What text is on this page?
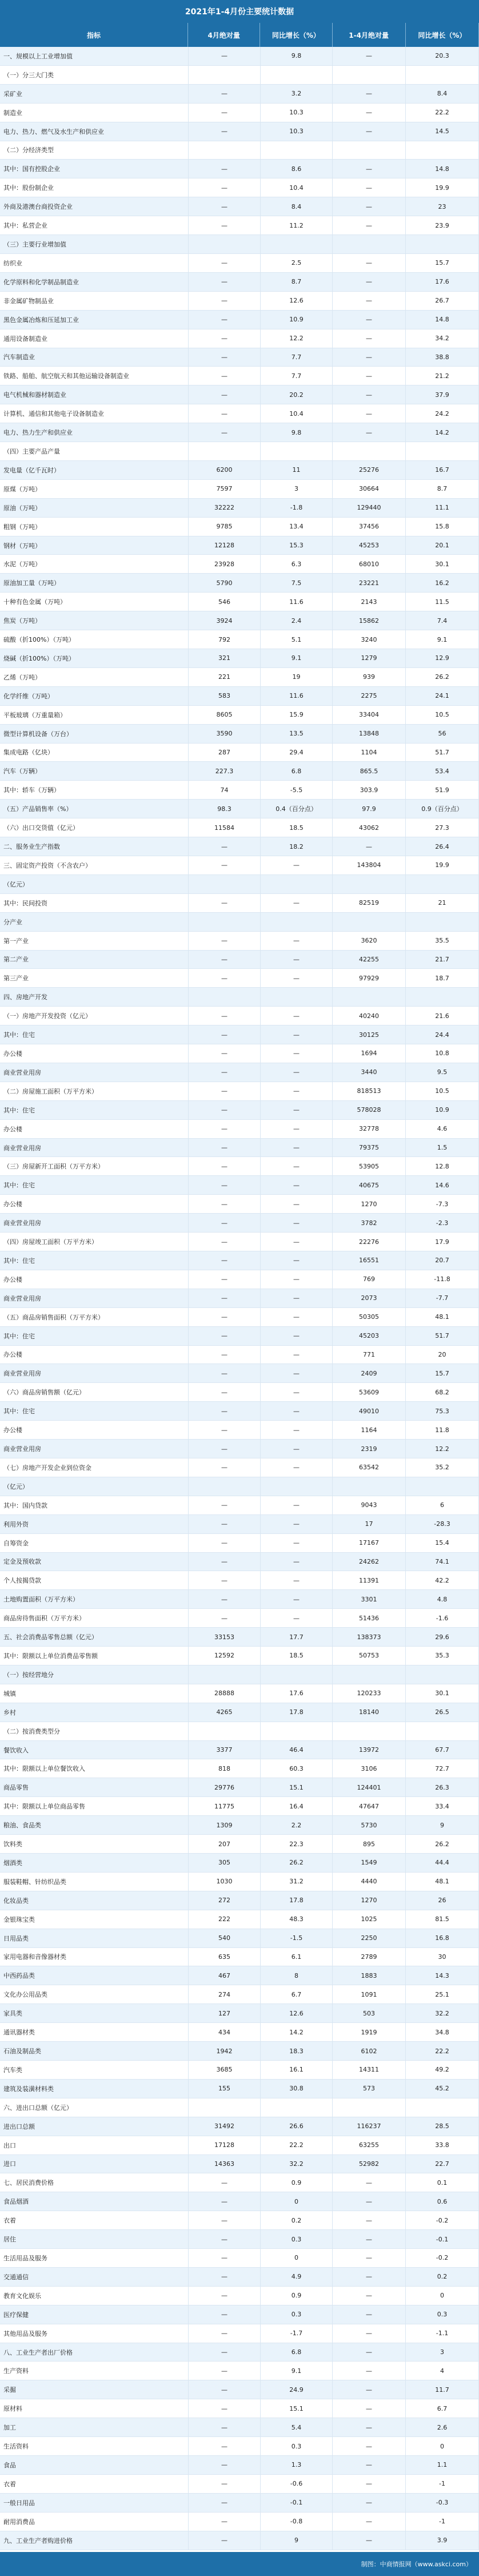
2021年1-4月份主要统计数据
指标	4月绝对量	同比增长（%）	1-4月绝对量	同比增长（%）
一、规模以上工业增加值	—	9.8	—	20.3
（一）分三大门类
采矿业	—	3.2	—	8.4
制造业	—	10.3	—	22.2
电力、热力、燃气及水生产和供应业	—	10.3	—	14.5
（二）分经济类型
其中：国有控股企业	—	8.6	—	14.8
其中：股份制企业	—	10.4	—	19.9
外商及港澳台商投资企业	—	8.4	—	23
其中：私营企业	—	11.2	—	23.9
（三）主要行业增加值
纺织业	—	2.5	—	15.7
化学原料和化学制品制造业	—	8.7	—	17.6
非金属矿物制品业	—	12.6	—	26.7
黑色金属冶炼和压延加工业	—	10.9	—	14.8
通用设备制造业	—	12.2	—	34.2
汽车制造业	—	7.7	—	38.8
铁路、船舶、航空航天和其他运输设备制造业	—	7.7	—	21.2
电气机械和器材制造业	—	20.2	—	37.9
计算机、通信和其他电子设备制造业	—	10.4	—	24.2
电力、热力生产和供应业	—	9.8	—	14.2
（四）主要产品产量
发电量（亿千瓦时）	6200	11	25276	16.7
原煤（万吨）	7597	3	30664	8.7
原油（万吨）	32222	-1.8	129440	11.1
粗钢（万吨）	9785	13.4	37456	15.8
钢材（万吨）	12128	15.3	45253	20.1
水泥（万吨）	23928	6.3	68010	30.1
原油加工量（万吨）	5790	7.5	23221	16.2
十种有色金属（万吨）	546	11.6	2143	11.5
焦炭（万吨）	3924	2.4	15862	7.4
硫酸（折100%）（万吨）	792	5.1	3240	9.1
烧碱（折100%）（万吨）	321	9.1	1279	12.9
乙烯（万吨）	221	19	939	26.2
化学纤维（万吨）	583	11.6	2275	24.1
平板玻璃（万重量箱）	8605	15.9	33404	10.5
微型计算机设备（万台）	3590	13.5	13848	56
集成电路（亿块）	287	29.4	1104	51.7
汽车（万辆）	227.3	6.8	865.5	53.4
其中：轿车（万辆）	74	-5.5	303.9	51.9
（五）产品销售率（%）	98.3	0.4（百分点）	97.9	0.9（百分点）
（六）出口交货值（亿元）	11584	18.5	43062	27.3
二、服务业生产指数	—	18.2	—	26.4
三、固定资产投资（不含农户）	—	—	143804	19.9
（亿元）
其中：民间投资	—	—	82519	21
分产业
第一产业	—	—	3620	35.5
第二产业	—	—	42255	21.7
第三产业	—	—	97929	18.7
四、房地产开发
（一）房地产开发投资（亿元）	—	—	40240	21.6
其中：住宅	—	—	30125	24.4
办公楼	—	—	1694	10.8
商业营业用房	—	—	3440	9.5
（二）房屋施工面积（万平方米）	—	—	818513	10.5
其中：住宅	—	—	578028	10.9
办公楼	—	—	32778	4.6
商业营业用房	—	—	79375	1.5
（三）房屋新开工面积（万平方米）	—	—	53905	12.8
其中：住宅	—	—	40675	14.6
办公楼	—	—	1270	-7.3
商业营业用房	—	—	3782	-2.3
（四）房屋竣工面积（万平方米）	—	—	22276	17.9
其中：住宅	—	—	16551	20.7
办公楼	—	—	769	-11.8
商业营业用房	—	—	2073	-7.7
（五）商品房销售面积（万平方米）	—	—	50305	48.1
其中：住宅	—	—	45203	51.7
办公楼	—	—	771	20
商业营业用房	—	—	2409	15.7
（六）商品房销售额（亿元）	—	—	53609	68.2
其中：住宅	—	—	49010	75.3
办公楼	—	—	1164	11.8
商业营业用房	—	—	2319	12.2
（七）房地产开发企业到位资金	—	—	63542	35.2
（亿元）
其中：国内贷款	—	—	9043	6
利用外资	—	—	17	-28.3
自筹资金	—	—	17167	15.4
定金及预收款	—	—	24262	74.1
个人按揭贷款	—	—	11391	42.2
土地购置面积（万平方米）	—	—	3301	4.8
商品房待售面积（万平方米）	—	—	51436	-1.6
五、社会消费品零售总额（亿元）	33153	17.7	138373	29.6
其中：限额以上单位消费品零售额	12592	18.5	50753	35.3
（一）按经营地分
城镇	28888	17.6	120233	30.1
乡村	4265	17.8	18140	26.5
（二）按消费类型分
餐饮收入	3377	46.4	13972	67.7
其中：限额以上单位餐饮收入	818	60.3	3106	72.7
商品零售	29776	15.1	124401	26.3
其中：限额以上单位商品零售	11775	16.4	47647	33.4
粮油、食品类	1309	2.2	5730	9
饮料类	207	22.3	895	26.2
烟酒类	305	26.2	1549	44.4
服装鞋帽、针纺织品类	1030	31.2	4440	48.1
化妆品类	272	17.8	1270	26
金银珠宝类	222	48.3	1025	81.5
日用品类	540	-1.5	2250	16.8
家用电器和音像器材类	635	6.1	2789	30
中西药品类	467	8	1883	14.3
文化办公用品类	274	6.7	1091	25.1
家具类	127	12.6	503	32.2
通讯器材类	434	14.2	1919	34.8
石油及制品类	1942	18.3	6102	22.2
汽车类	3685	16.1	14311	49.2
建筑及装潢材料类	155	30.8	573	45.2
六、进出口总额（亿元）
进出口总额	31492	26.6	116237	28.5
出口	17128	22.2	63255	33.8
进口	14363	32.2	52982	22.7
七、居民消费价格	—	0.9	—	0.1
食品烟酒	—	0	—	0.6
衣着	—	0.2	—	-0.2
居住	—	0.3	—	-0.1
生活用品及服务	—	0	—	-0.2
交通通信	—	4.9	—	0.2
教育文化娱乐	—	0.9	—	0
医疗保健	—	0.3	—	0.3
其他用品及服务	—	-1.7	—	-1.1
八、工业生产者出厂价格	—	6.8	—	3
生产资料	—	9.1	—	4
采掘	—	24.9	—	11.7
原材料	—	15.1	—	6.7
加工	—	5.4	—	2.6
生活资料	—	0.3	—	0
食品	—	1.3	—	1.1
衣着	—	-0.6	—	-1
一般日用品	—	-0.1	—	-0.3
耐用消费品	—	-0.8	—	-1
九、工业生产者购进价格	—	9	—	3.9
制图：中商情报网（www.askci.com）
